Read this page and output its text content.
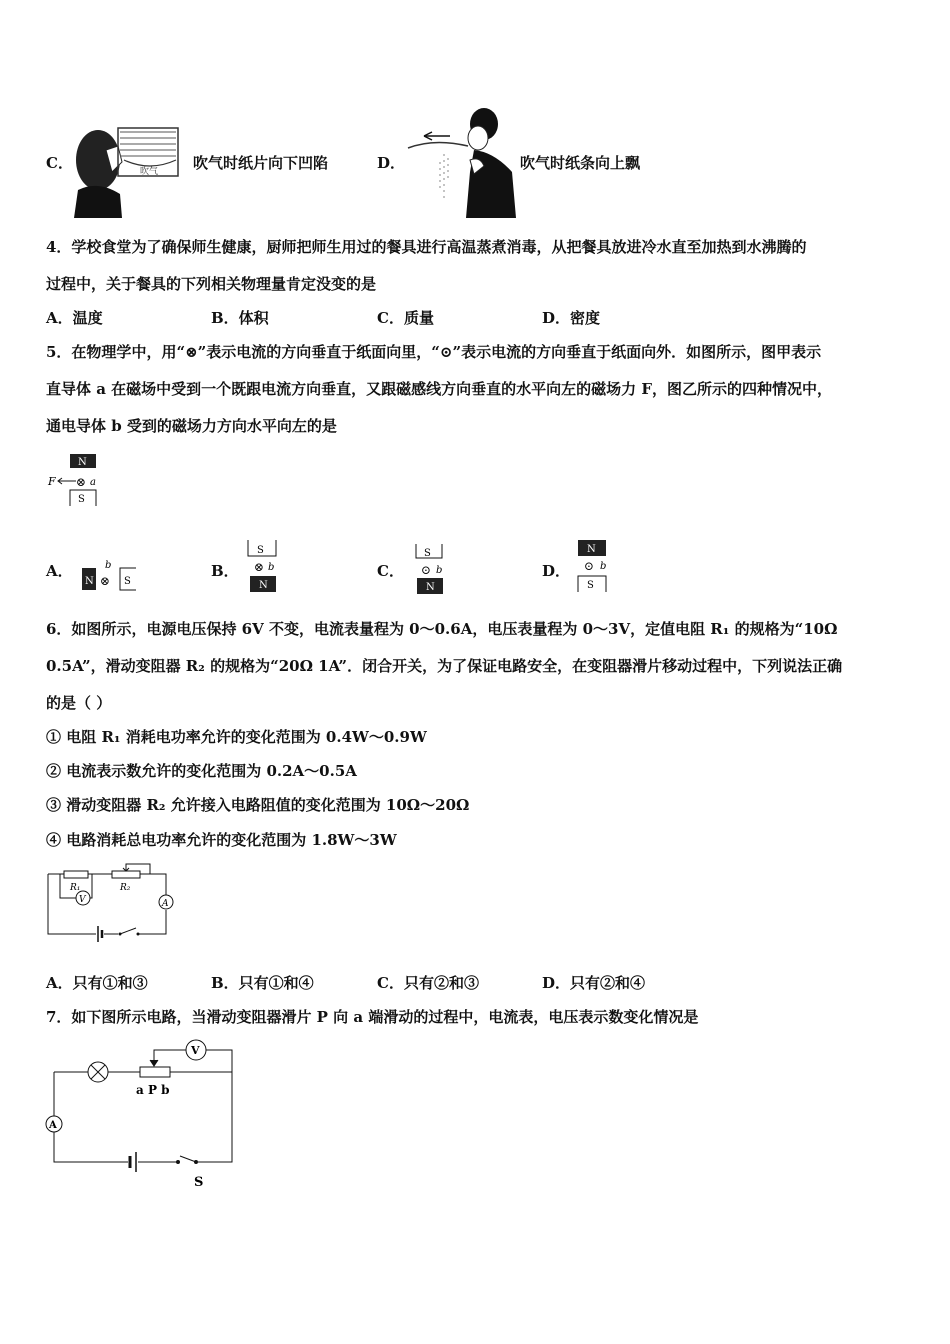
C．	吹气 吹气时纸片向下凹陷	D．	吹气时纸条向上飘
4．学校食堂为了确保师生健康，厨师把师生用过的餐具进行高温蒸煮消毒，从把餐具放进冷水直至加热到水沸腾的
过程中，关于餐具的下列相关物理量肯定没变的是
A．温度	B．体积	C．质量	D．密度
5．在物理学中，用“⊗”表示电流的方向垂直于纸面向里，“⊙”表示电流的方向垂直于纸面向外．如图所示，图甲表示
直导体 a 在磁场中受到一个既跟电流方向垂直，又跟磁感线方向垂直的水平向左的磁场力 F，图乙所示的四种情况中，
通电导体 b 受到的磁场力方向水平向左的是
N
F ⊗ a
S
A．
N ⊗
b
S
B．
S
⊗ b
N
C．
S
⊙ b
N
D．
N
⊙ b
S
6．如图所示，电源电压保持 6V 不变，电流表量程为 0～0.6A，电压表量程为 0～3V，定值电阻 R₁ 的规格为“10Ω
0.5A”，滑动变阻器 R₂ 的规格为“20Ω 1A”．闭合开关，为了保证电路安全，在变阻器滑片移动过程中，下列说法正确
的是（ ）
① 电阻 R₁ 消耗电功率允许的变化范围为 0.4W～0.9W
② 电流表示数允许的变化范围为 0.2A～0.5A
③ 滑动变阻器 R₂ 允许接入电路阻值的变化范围为 10Ω～20Ω
④ 电路消耗总电功率允许的变化范围为 1.8W～3W
A
R₁	R₂
V
A．只有①和③	B．只有①和④	C．只有②和③	D．只有②和④
7．如下图所示电路，当滑动变阻器滑片 P 向 a 端滑动的过程中，电流表，电压表示数变化情况是
V
a P b
A
S
